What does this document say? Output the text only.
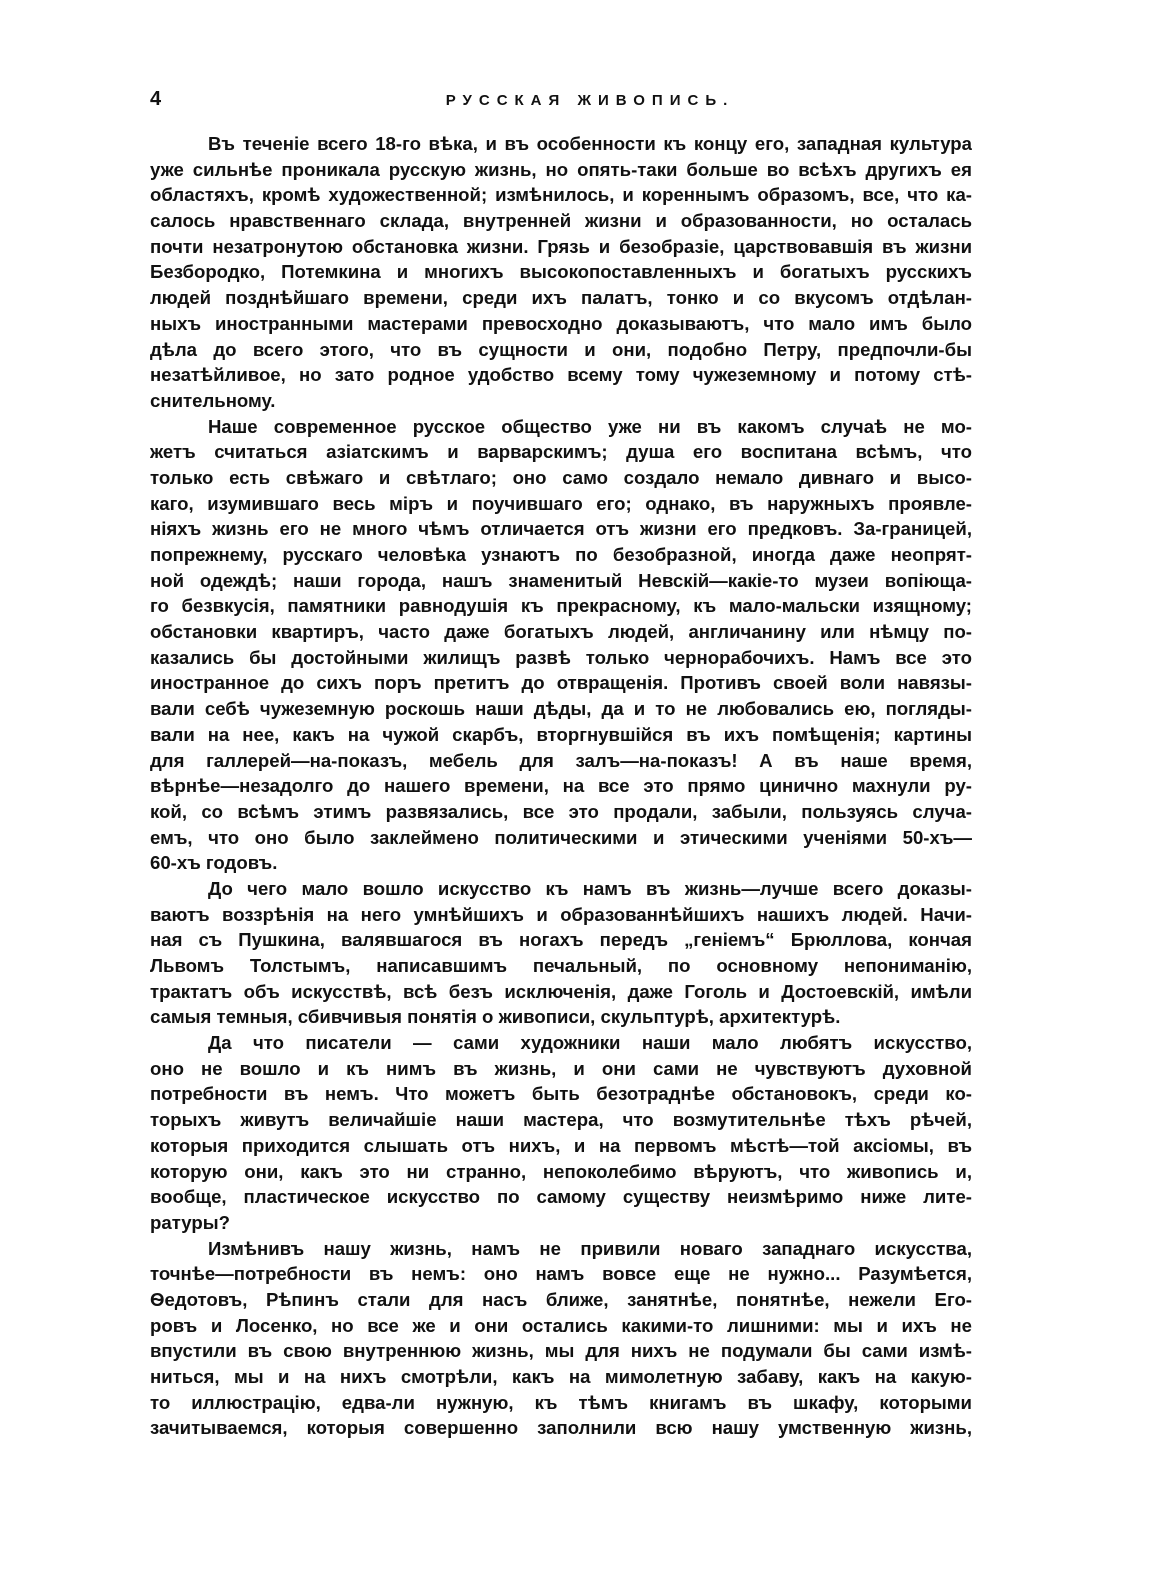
4	РУССКАЯ ЖИВОПИСЬ.
Въ теченіе всего 18-го вѣка, и въ особенности къ концу его, западная культура
уже сильнѣе проникала русскую жизнь, но опять-таки больше во всѣхъ другихъ ея
областяхъ, кромѣ художественной; измѣнилось, и кореннымъ образомъ, все, что ка-
салось нравственнаго склада, внутренней жизни и образованности, но осталась
почти незатронутою обстановка жизни. Грязь и безобразіе, царствовавшія въ жизни
Безбородко, Потемкина и многихъ высокопоставленныхъ и богатыхъ русскихъ
людей позднѣйшаго времени, среди ихъ палатъ, тонко и со вкусомъ отдѣлан-
ныхъ иностранными мастерами превосходно доказываютъ, что мало имъ было
дѣла до всего этого, что въ сущности и они, подобно Петру, предпочли-бы
незатѣйливое, но зато родное удобство всему тому чужеземному и потому стѣ-
снительному.
Наше современное русское общество уже ни въ какомъ случаѣ не мо-
жетъ считаться азіатскимъ и варварскимъ; душа его воспитана всѣмъ, что
только есть свѣжаго и свѣтлаго; оно само создало немало дивнаго и высо-
каго, изумившаго весь міръ и поучившаго его; однако, въ наружныхъ проявле-
ніяхъ жизнь его не много чѣмъ отличается отъ жизни его предковъ. За-границей,
попрежнему, русскаго человѣка узнаютъ по безобразной, иногда даже неопрят-
ной одеждѣ; наши города, нашъ знаменитый Невскій—какіе-то музеи вопіюща-
го безвкусія, памятники равнодушія къ прекрасному, къ мало-мальски изящному;
обстановки квартиръ, часто даже богатыхъ людей, англичанину или нѣмцу по-
казались бы достойными жилищъ развѣ только чернорабочихъ. Намъ все это
иностранное до сихъ поръ претитъ до отвращенія. Противъ своей воли навязы-
вали себѣ чужеземную роскошь наши дѣды, да и то не любовались ею, погляды-
вали на нее, какъ на чужой скарбъ, вторгнувшійся въ ихъ помѣщенія; картины
для галлерей—на-показъ, мебель для залъ—на-показъ! А въ наше время,
вѣрнѣе—незадолго до нашего времени, на все это прямо цинично махнули ру-
кой, со всѣмъ этимъ развязались, все это продали, забыли, пользуясь случа-
емъ, что оно было заклеймено политическими и этическими ученіями 50-хъ—
60-хъ годовъ.
До чего мало вошло искусство къ намъ въ жизнь—лучше всего доказы-
ваютъ воззрѣнія на него умнѣйшихъ и образованнѣйшихъ нашихъ людей. Начи-
ная съ Пушкина, валявшагося въ ногахъ передъ „геніемъ“ Брюллова, кончая
Львомъ Толстымъ, написавшимъ печальный, по основному непониманію,
трактатъ объ искусствѣ, всѣ безъ исключенія, даже Гоголь и Достоевскій, имѣли
самыя темныя, сбивчивыя понятія о живописи, скульптурѣ, архитектурѣ.
Да что писатели — сами художники наши мало любятъ искусство,
оно не вошло и къ нимъ въ жизнь, и они сами не чувствуютъ духовной
потребности въ немъ. Что можетъ быть безотраднѣе обстановокъ, среди ко-
торыхъ живутъ величайшіе наши мастера, что возмутительнѣе тѣхъ рѣчей,
которыя приходится слышать отъ нихъ, и на первомъ мѣстѣ—той аксіомы, въ
которую они, какъ это ни странно, непоколебимо вѣруютъ, что живопись и,
вообще, пластическое искусство по самому существу неизмѣримо ниже лите-
ратуры?
Измѣнивъ нашу жизнь, намъ не привили новаго западнаго искусства,
точнѣе—потребности въ немъ: оно намъ вовсе еще не нужно... Разумѣется,
Ѳедотовъ, Рѣпинъ стали для насъ ближе, занятнѣе, понятнѣе, нежели Его-
ровъ и Лосенко, но все же и они остались какими-то лишними: мы и ихъ не
впустили въ свою внутреннюю жизнь, мы для нихъ не подумали бы сами измѣ-
ниться, мы и на нихъ смотрѣли, какъ на мимолетную забаву, какъ на какую-
то иллюстрацію, едва-ли нужную, къ тѣмъ книгамъ въ шкафу, которыми
зачитываемся, которыя совершенно заполнили всю нашу умственную жизнь,
